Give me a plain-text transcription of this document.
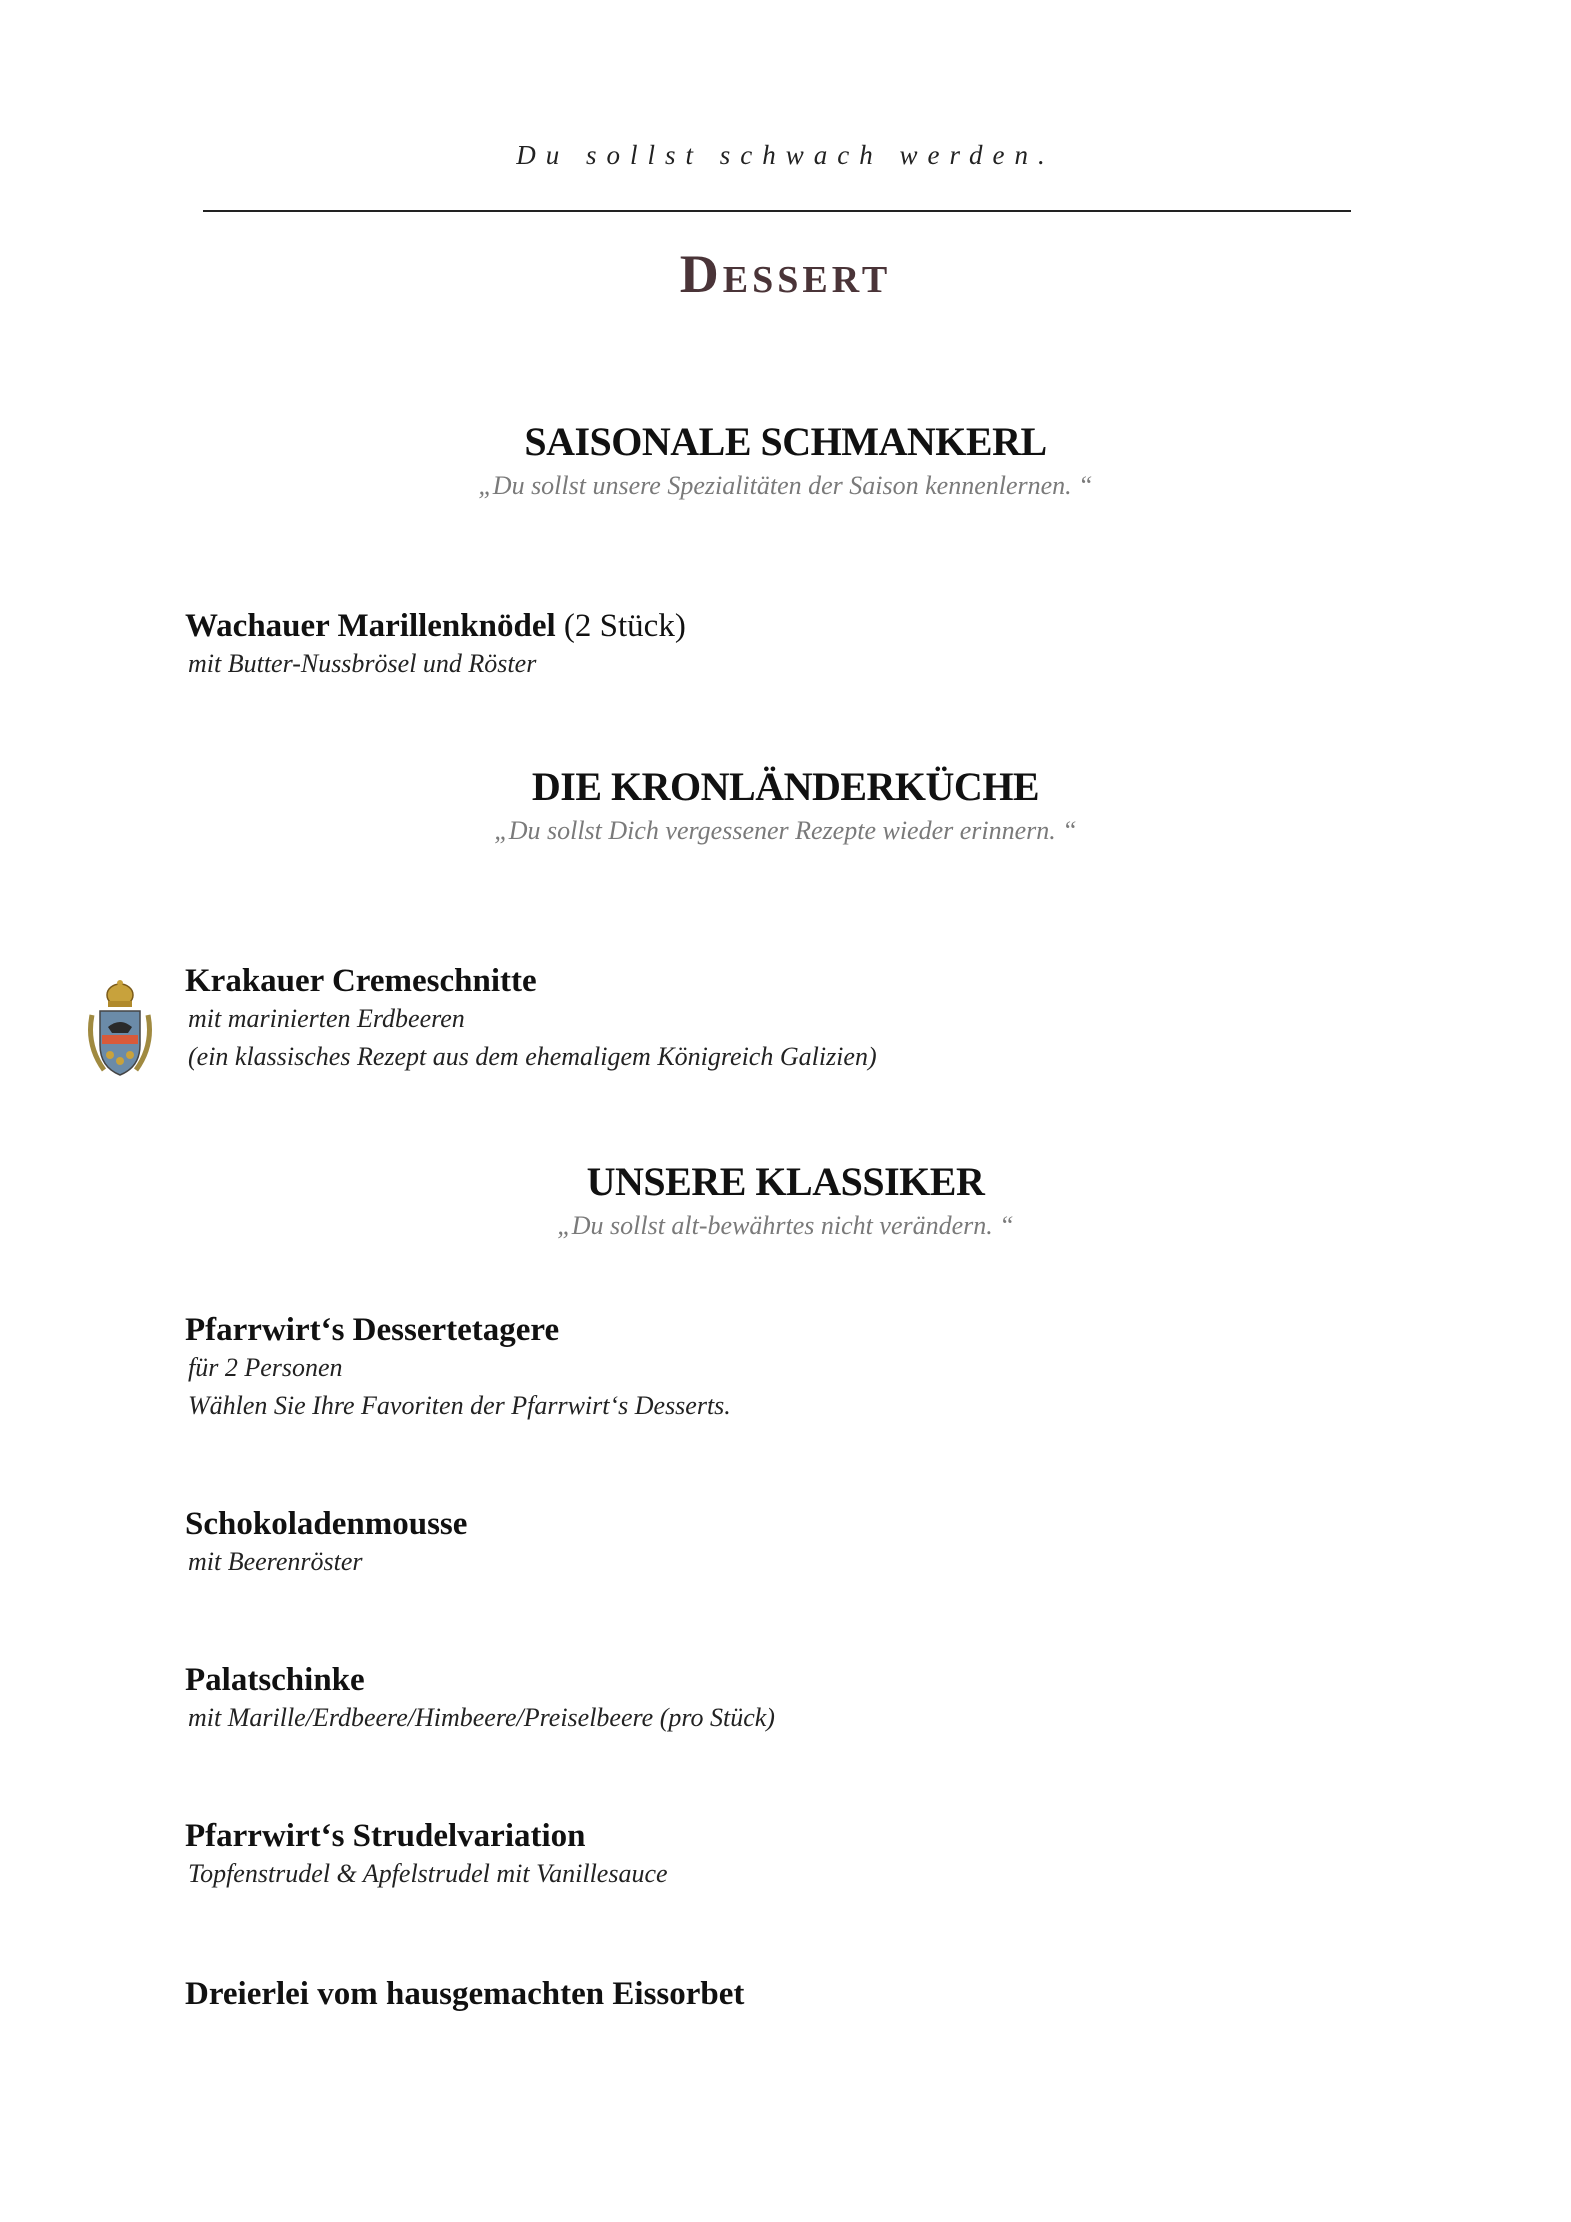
Du sollst schwach werden.
Dessert
SAISONALE SCHMANKERL
„Du sollst unsere Spezialitäten der Saison kennenlernen. “
Wachauer Marillenknödel (2 Stück)
mit Butter-Nussbrösel und Röster
DIE KRONLÄNDERKÜCHE
„Du sollst Dich vergessener Rezepte wieder erinnern. “
Krakauer Cremeschnitte
mit marinierten Erdbeeren
(ein klassisches Rezept aus dem ehemaligem Königreich Galizien)
UNSERE KLASSIKER
„Du sollst alt-bewährtes nicht verändern. “
Pfarrwirt‘s Dessertetagere
für 2 Personen
Wählen Sie Ihre Favoriten der Pfarrwirt‘s Desserts.
Schokoladenmousse
mit Beerenröster
Palatschinke
mit Marille/Erdbeere/Himbeere/Preiselbeere (pro Stück)
Pfarrwirt‘s Strudelvariation
Topfenstrudel & Apfelstrudel mit Vanillesauce
Dreierlei vom hausgemachten Eissorbet
